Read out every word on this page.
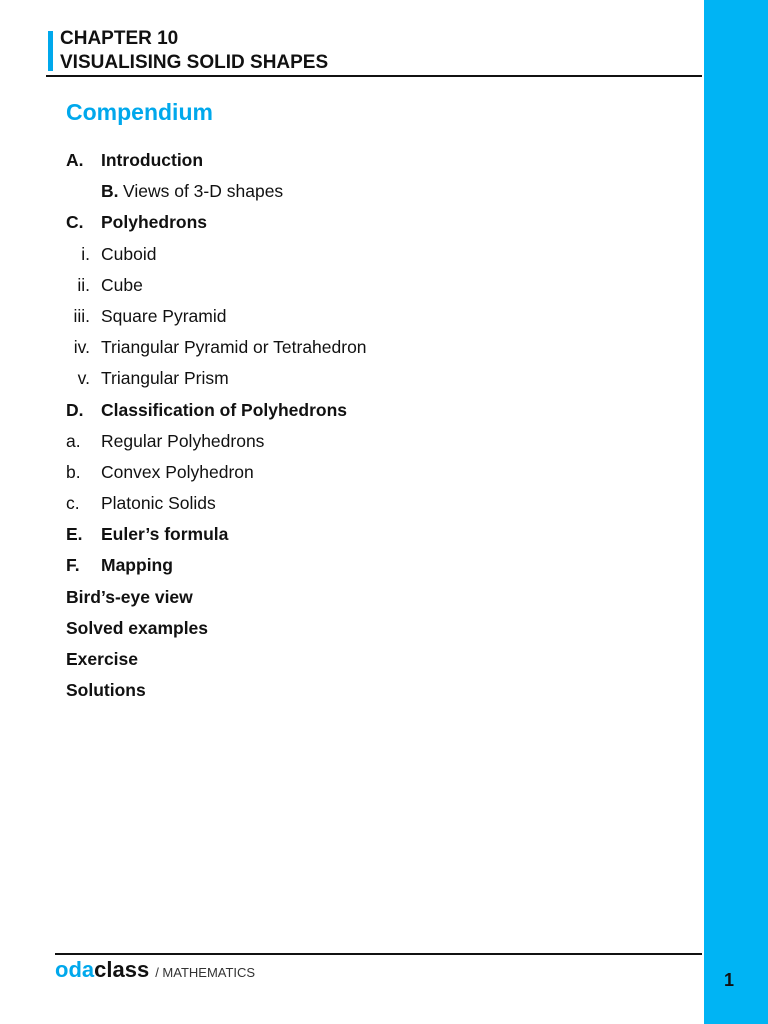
1
CHAPTER 10
VISUALISING SOLID SHAPES
Compendium
A.	Introduction
B. Views of 3-D shapes
C.	Polyhedrons
i. Cuboid
ii. Cube
iii. Square Pyramid
iv. Triangular Pyramid or Tetrahedron
v. Triangular Prism
D.	Classification of Polyhedrons
a.	Regular Polyhedrons
b.	Convex Polyhedron
c.	Platonic Solids
E.	Euler’s formula
F.	Mapping
Bird’s-eye view
Solved examples
Exercise
Solutions
odaclass / MATHEMATICS
